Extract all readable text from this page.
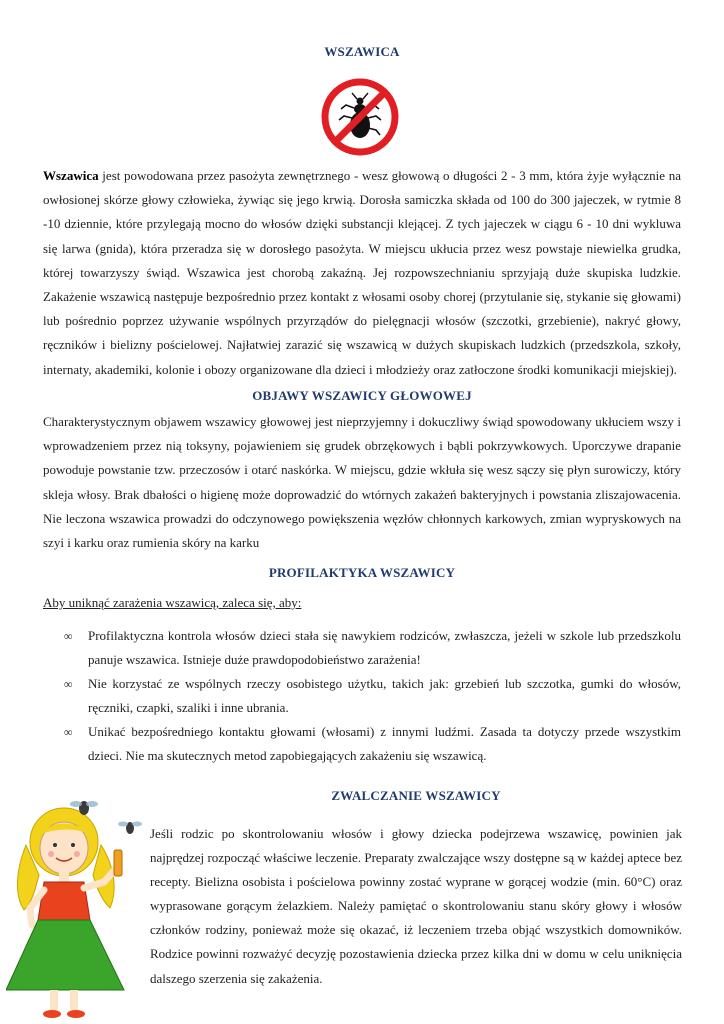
WSZAWICA

Wszawica jest powodowana przez pasożyta zewnętrznego - wesz głowową o długości 2 - 3 mm, która żyje wyłącznie na owłosionej skórze głowy człowieka, żywiąc się jego krwią. Dorosła samiczka składa od 100 do 300 jajeczek, w rytmie 8 -10 dziennie, które przylegają mocno do włosów dzięki substancji klejącej. Z tych jajeczek w ciągu 6 - 10 dni wykluwa się larwa (gnida), która przeradza się w dorosłego pasożyta. W miejscu ukłucia przez wesz powstaje niewielka grudka, której towarzyszy świąd. Wszawica jest chorobą zakaźną. Jej rozpowszechnianiu sprzyjają duże skupiska ludzkie. Zakażenie wszawicą następuje bezpośrednio przez kontakt z włosami osoby chorej (przytulanie się, stykanie się głowami) lub pośrednio poprzez używanie wspólnych przyrządów do pielęgnacji włosów (szczotki, grzebienie), nakryć głowy, ręczników i bielizny pościelowej. Najłatwiej zarazić się wszawicą w dużych skupiskach ludzkich (przedszkola, szkoły, internaty, akademiki, kolonie i obozy organizowane dla dzieci i młodzieży oraz zatłoczone środki komunikacji miejskiej).

OBJAWY WSZAWICY GŁOWOWEJ

Charakterystycznym objawem wszawicy głowowej jest nieprzyjemny i dokuczliwy świąd spowodowany ukłuciem wszy i wprowadzeniem przez nią toksyny, pojawieniem się grudek obrzękowych i bąbli pokrzywkowych. Uporczywe drapanie powoduje powstanie tzw. przeczosów i otarć naskórka. W miejscu, gdzie wkłuła się wesz sączy się płyn surowiczy, który skleja włosy. Brak dbałości o higienę może doprowadzić do wtórnych zakażeń bakteryjnych i powstania zliszajowacenia. Nie leczona wszawica prowadzi do odczynowego powiększenia węzłów chłonnych karkowych, zmian wypryskowych na szyi i karku oraz rumienia skóry na karku

PROFILAKTYKA WSZAWICY

Aby uniknąć zarażenia wszawicą, zaleca się, aby:

∞ Profilaktyczna kontrola włosów dzieci stała się nawykiem rodziców, zwłaszcza, jeżeli w szkole lub przedszkolu panuje wszawica. Istnieje duże prawdopodobieństwo zarażenia!
∞ Nie korzystać ze wspólnych rzeczy osobistego użytku, takich jak: grzebień lub szczotka, gumki do włosów, ręczniki, czapki, szaliki i inne ubrania.
∞ Unikać bezpośredniego kontaktu głowami (włosami) z innymi ludźmi. Zasada ta dotyczy przede wszystkim dzieci. Nie ma skutecznych metod zapobiegających zakażeniu się wszawicą.
ZWALCZANIE WSZAWICY

Jeśli rodzic po skontrolowaniu włosów i głowy dziecka podejrzewa wszawicę, powinien jak najprędzej rozpocząć właściwe leczenie. Preparaty zwalczające wszy dostępne są w każdej aptece bez recepty. Bielizna osobista i pościelowa powinny zostać wyprane w gorącej wodzie (min. 60°C) oraz wyprasowane gorącym żelazkiem. Należy pamiętać o skontrolowaniu stanu skóry głowy i włosów członków rodziny, ponieważ może się okazać, iż leczeniem trzeba objąć wszystkich domowników. Rodzice powinni rozważyć decyzję pozostawienia dziecka przez kilka dni w domu w celu uniknięcia dalszego szerzenia się zakażenia.
